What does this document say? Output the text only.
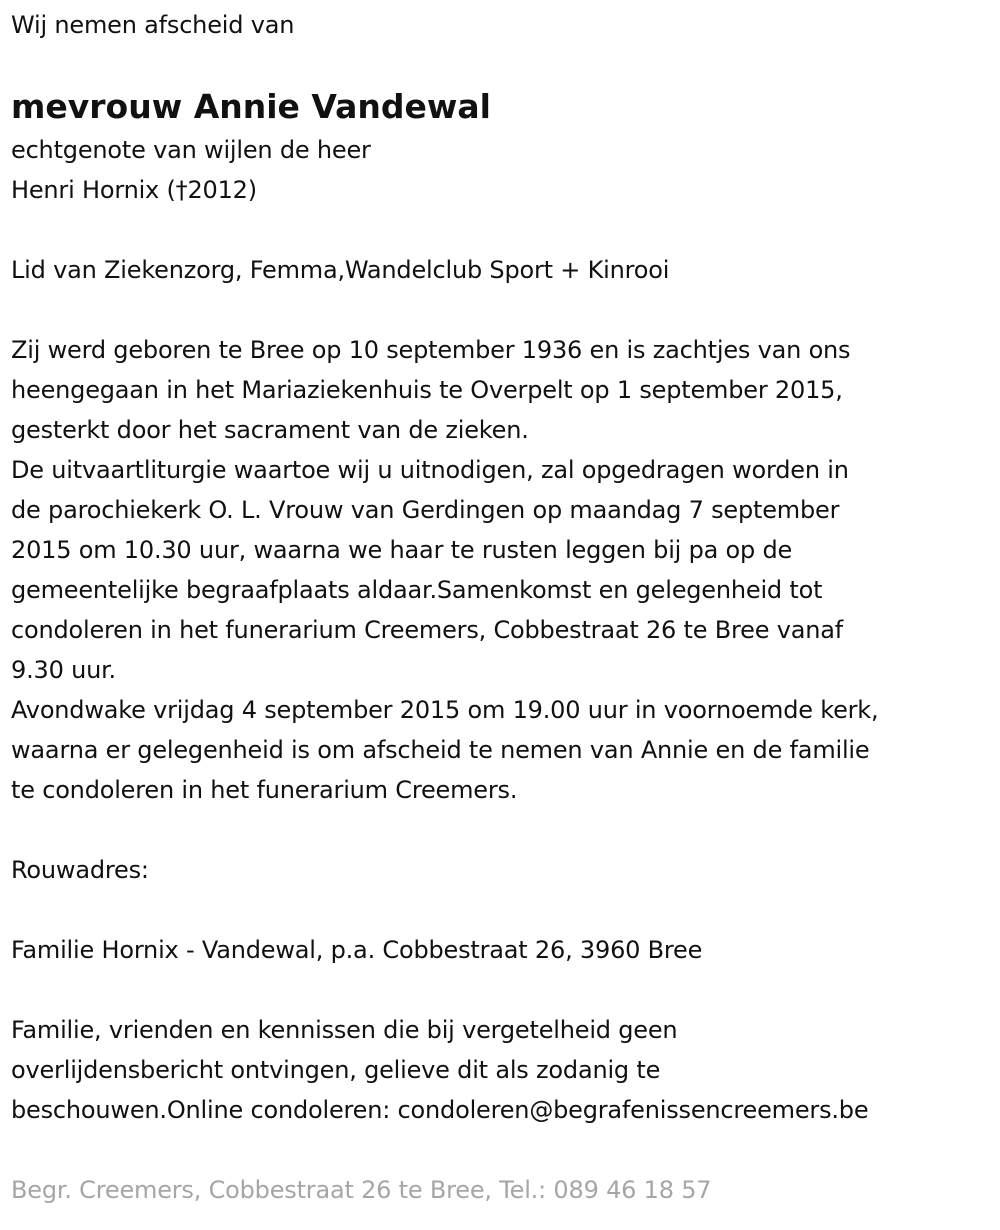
Wij nemen afscheid van
mevrouw Annie Vandewal
echtgenote van wijlen de heer
Henri Hornix (†2012)
Lid van Ziekenzorg, Femma,Wandelclub Sport + Kinrooi
Zij werd geboren te Bree op 10 september 1936 en is zachtjes van ons
heengegaan in het Mariaziekenhuis te Overpelt op 1 september 2015,
gesterkt door het sacrament van de zieken.
De uitvaartliturgie waartoe wij u uitnodigen, zal opgedragen worden in
de parochiekerk O. L. Vrouw van Gerdingen op maandag 7 september
2015 om 10.30 uur, waarna we haar te rusten leggen bij pa op de
gemeentelijke begraafplaats aldaar.Samenkomst en gelegenheid tot
condoleren in het funerarium Creemers, Cobbestraat 26 te Bree vanaf
9.30 uur.
Avondwake vrijdag 4 september 2015 om 19.00 uur in voornoemde kerk,
waarna er gelegenheid is om afscheid te nemen van Annie en de familie
te condoleren in het funerarium Creemers.
Rouwadres:
Familie Hornix - Vandewal, p.a. Cobbestraat 26, 3960 Bree
Familie, vrienden en kennissen die bij vergetelheid geen
overlijdensbericht ontvingen, gelieve dit als zodanig te
beschouwen.Online condoleren: condoleren@begrafenissencreemers.be
Begr. Creemers, Cobbestraat 26 te Bree, Tel.: 089 46 18 57
